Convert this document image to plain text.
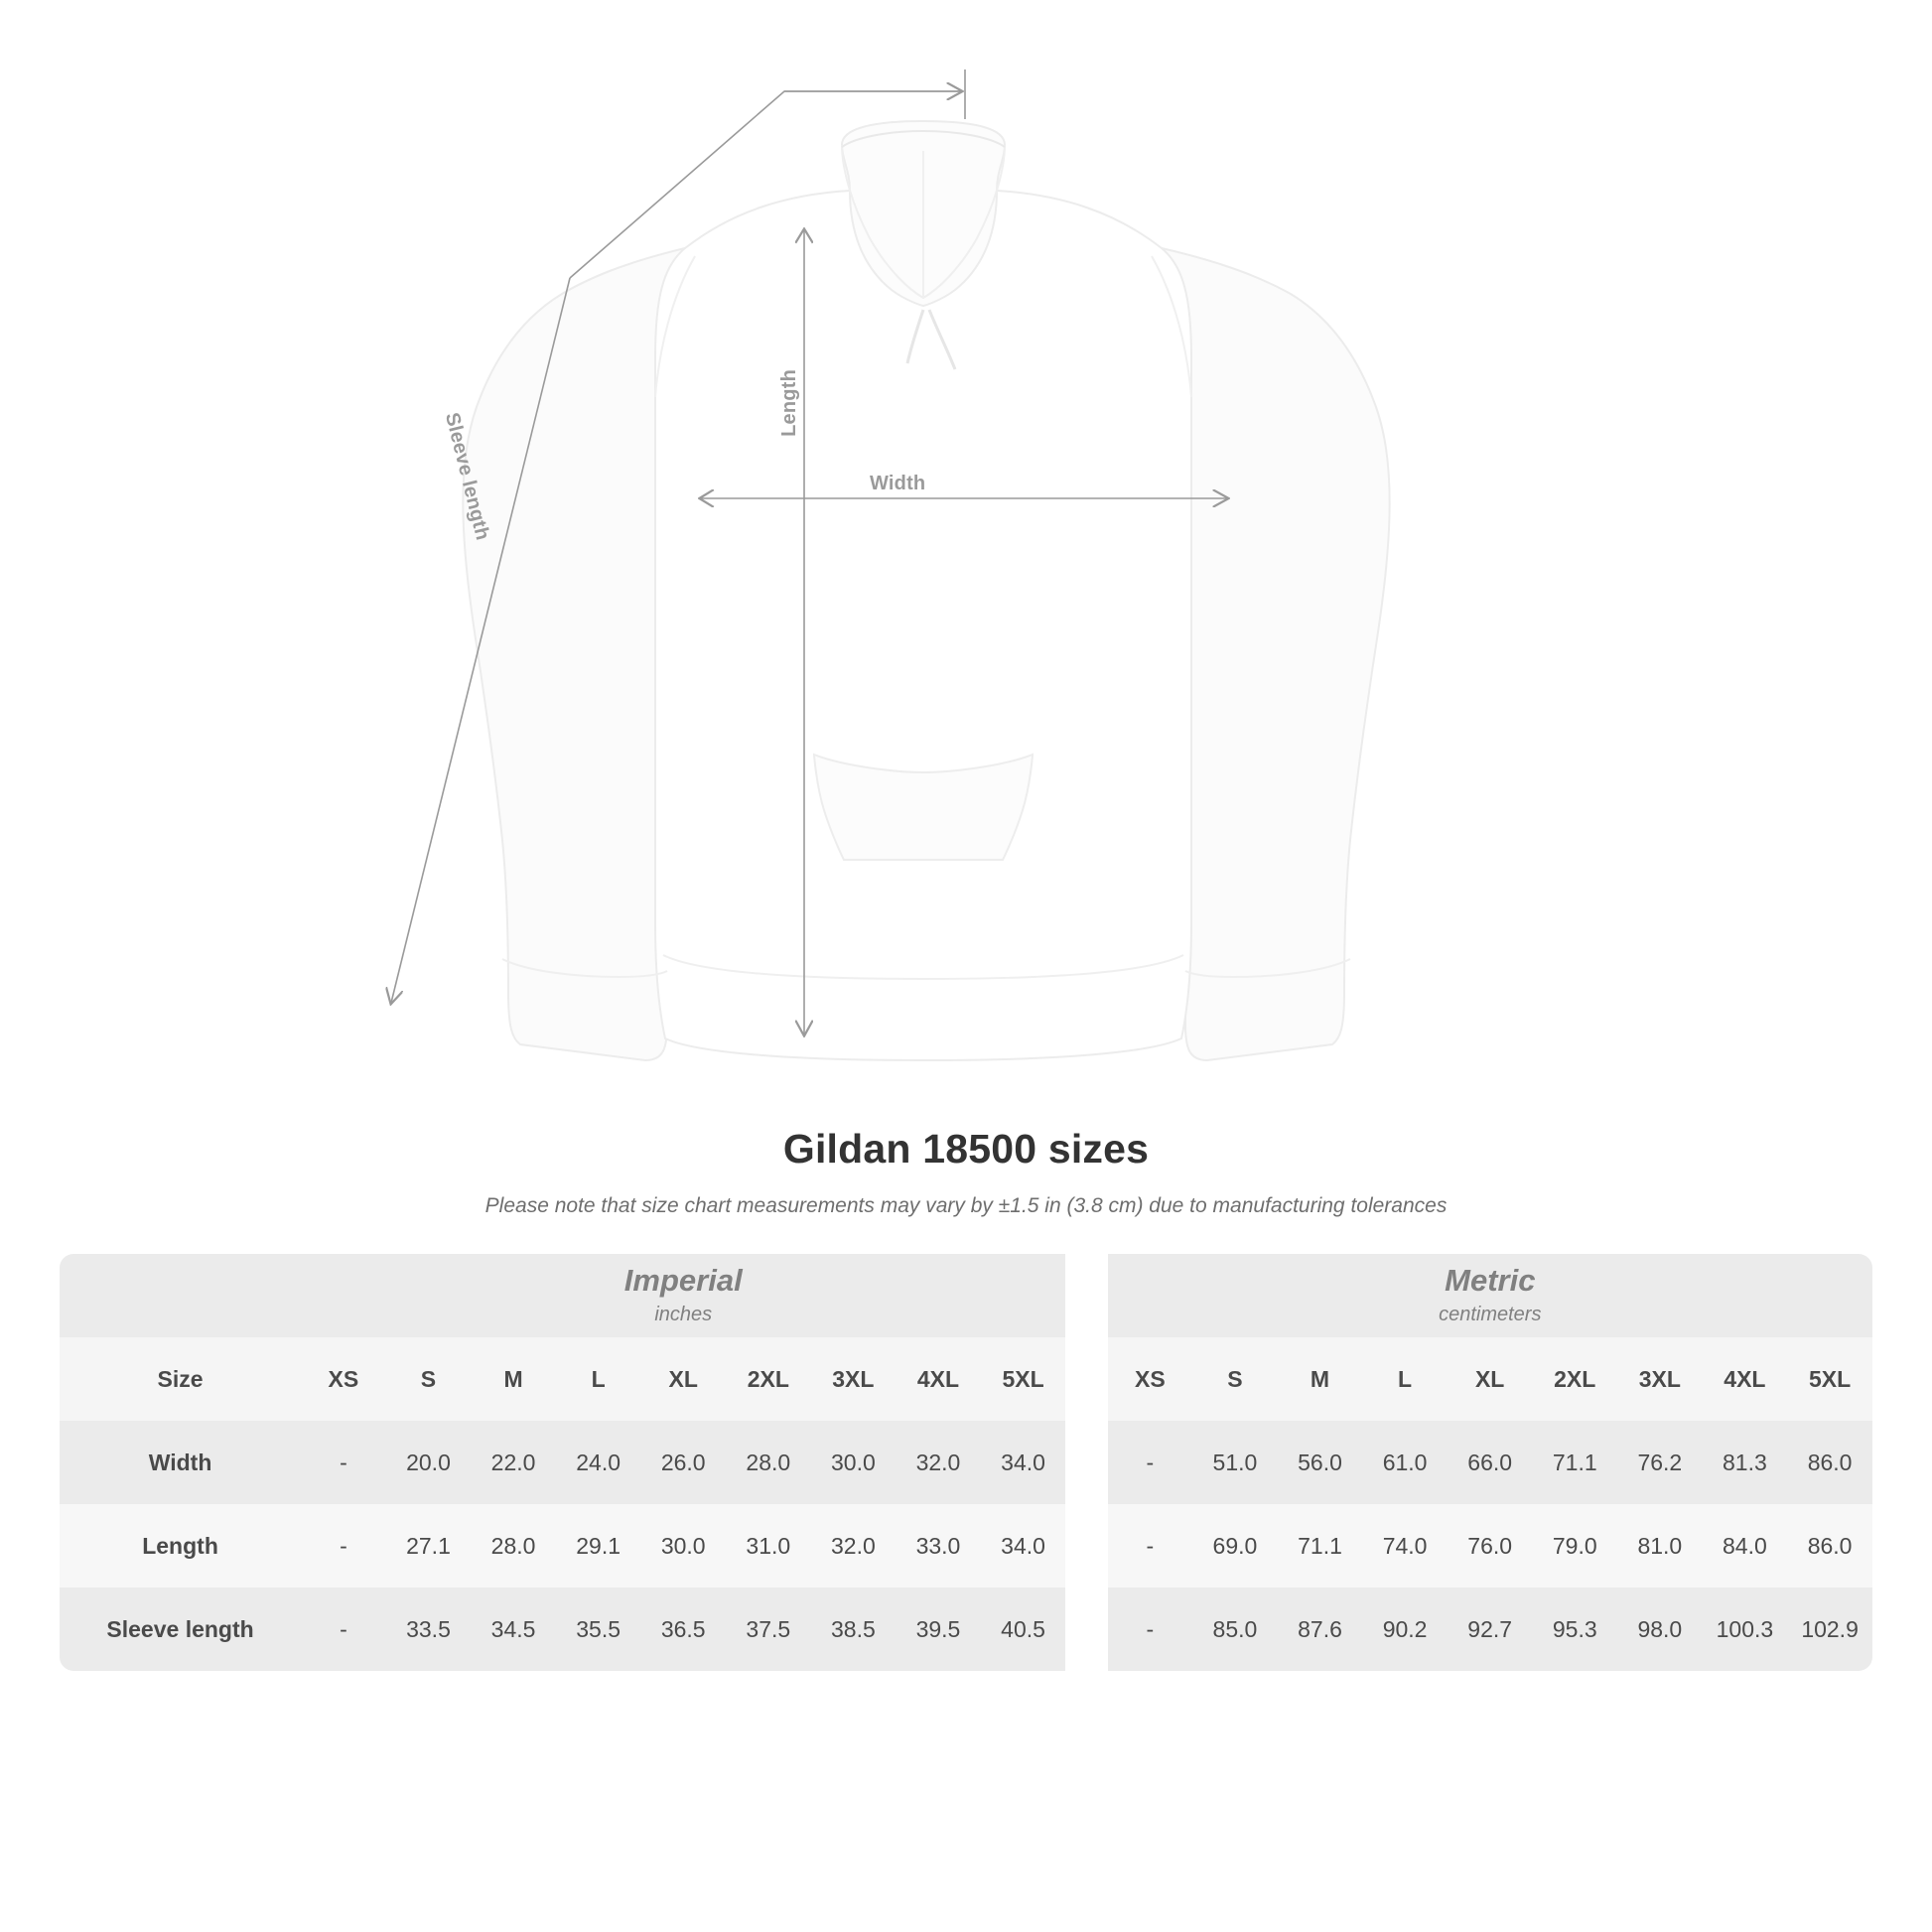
Length
Width
Sleeve length
Gildan 18500 sizes

Please note that size chart measurements may vary by ±1.5 in (3.8 cm) due to manufacturing tolerances

Imperial
inches

Metric
centimeters

Size	XS	S	M	L	XL	2XL	3XL	4XL	5XL		XS	S	M	L	XL	2XL	3XL	4XL	5XL
Width	-	20.0	22.0	24.0	26.0	28.0	30.0	32.0	34.0		-	51.0	56.0	61.0	66.0	71.1	76.2	81.3	86.0
Length	-	27.1	28.0	29.1	30.0	31.0	32.0	33.0	34.0		-	69.0	71.1	74.0	76.0	79.0	81.0	84.0	86.0
Sleeve length	-	33.5	34.5	35.5	36.5	37.5	38.5	39.5	40.5		-	85.0	87.6	90.2	92.7	95.3	98.0	100.3	102.9
